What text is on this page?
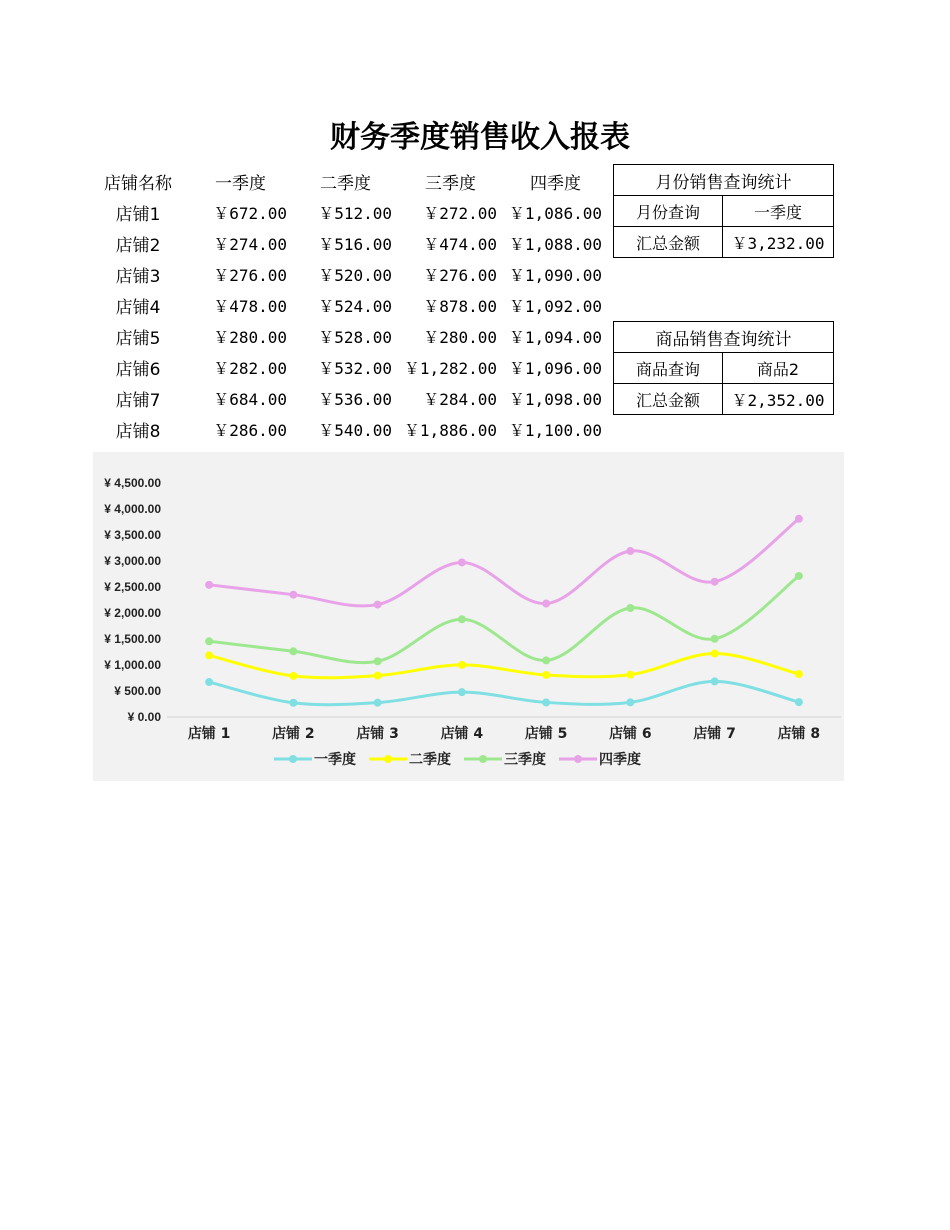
财务季度销售收入报表
店铺名称	一季度	二季度	三季度	四季度
店铺1	￥672.00	￥512.00	￥272.00	￥1,086.00
店铺2	￥274.00	￥516.00	￥474.00	￥1,088.00
店铺3	￥276.00	￥520.00	￥276.00	￥1,090.00
店铺4	￥478.00	￥524.00	￥878.00	￥1,092.00
店铺5	￥280.00	￥528.00	￥280.00	￥1,094.00
店铺6	￥282.00	￥532.00	￥1,282.00	￥1,096.00
店铺7	￥684.00	￥536.00	￥284.00	￥1,098.00
店铺8	￥286.00	￥540.00	￥1,886.00	￥1,100.00
月份销售查询统计	
月份查询	一季度
汇总金额	￥3,232.00
商品销售查询统计	
商品查询	商品2
汇总金额	￥2,352.00
¥ 0.00
¥ 500.00
¥ 1,000.00
¥ 1,500.00
¥ 2,000.00
¥ 2,500.00
¥ 3,000.00
¥ 3,500.00
¥ 4,000.00
¥ 4,500.00
店铺 1	店铺 2	店铺 3	店铺 4	店铺 5	店铺 6	店铺 7	店铺 8
一季度	二季度	三季度	四季度
